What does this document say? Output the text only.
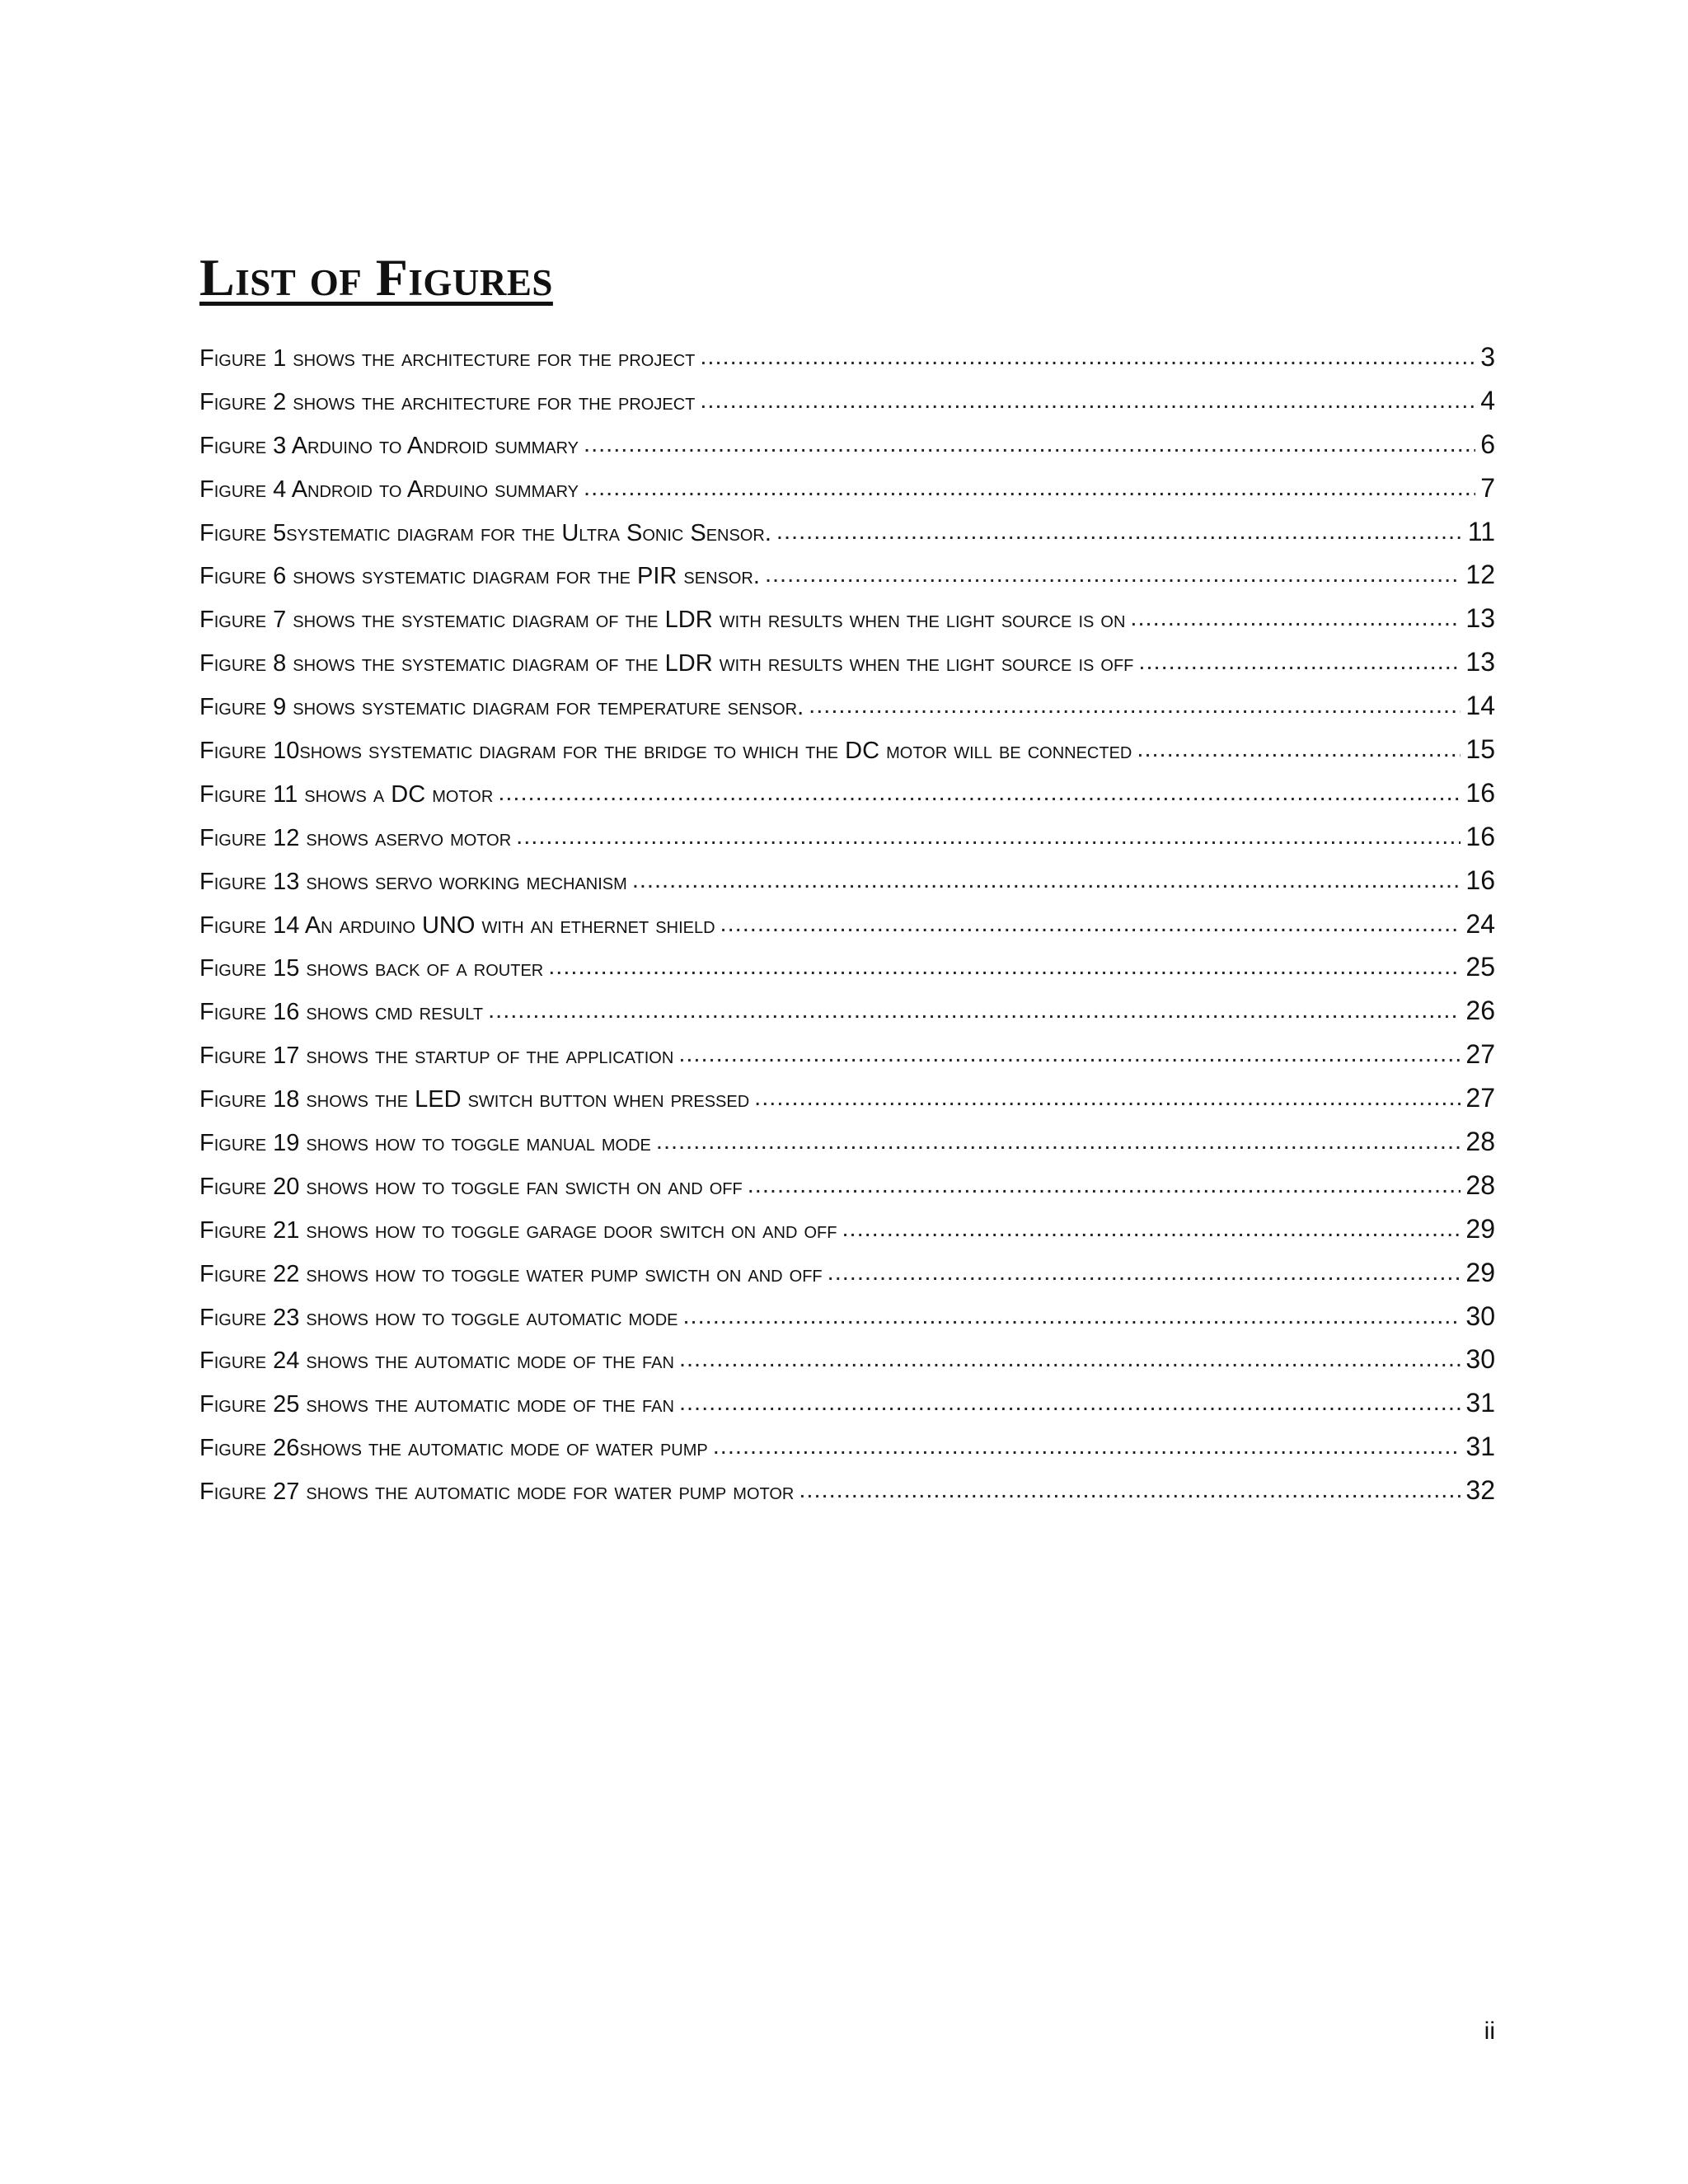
List of Figures
Figure 1 shows the architecture for the project .....	3
Figure 2 shows the architecture for the project .....	4
Figure 3 Arduino to Android summary .....	6
Figure 4 Android to Arduino summary .....	7
Figure 5systematic diagram for the Ultra Sonic Sensor. .....	11
Figure 6 shows systematic diagram for the PIR sensor. .....	12
Figure 7 shows the systematic diagram of the LDR with results when the light source is on .....	13
Figure 8 shows the systematic diagram of the LDR with results when the light source is off .....	13
Figure 9 shows systematic diagram for temperature sensor. .....	14
Figure 10shows systematic diagram for the bridge to which the DC motor will be connected .....	15
Figure 11 shows a DC motor .....	16
Figure 12 shows aservo motor .....	16
Figure 13 shows servo working mechanism .....	16
Figure 14 An arduino UNO with an ethernet shield .....	24
Figure 15 shows back of a router .....	25
Figure 16 shows cmd result .....	26
Figure 17 shows the startup of the application .....	27
Figure 18 shows the LED switch button when pressed .....	27
Figure 19 shows how to toggle manual mode .....	28
Figure 20 shows how to toggle fan swicth on and off .....	28
Figure 21 shows how to toggle garage door switch on and off .....	29
Figure 22 shows how to toggle water pump swicth on and off .....	29
Figure 23 shows how to toggle automatic mode .....	30
Figure 24 shows the automatic mode of the fan .....	30
Figure 25 shows the automatic mode of the fan .....	31
Figure 26shows the automatic mode of water pump .....	31
Figure 27 shows the automatic mode for water pump motor .....	32
ii
